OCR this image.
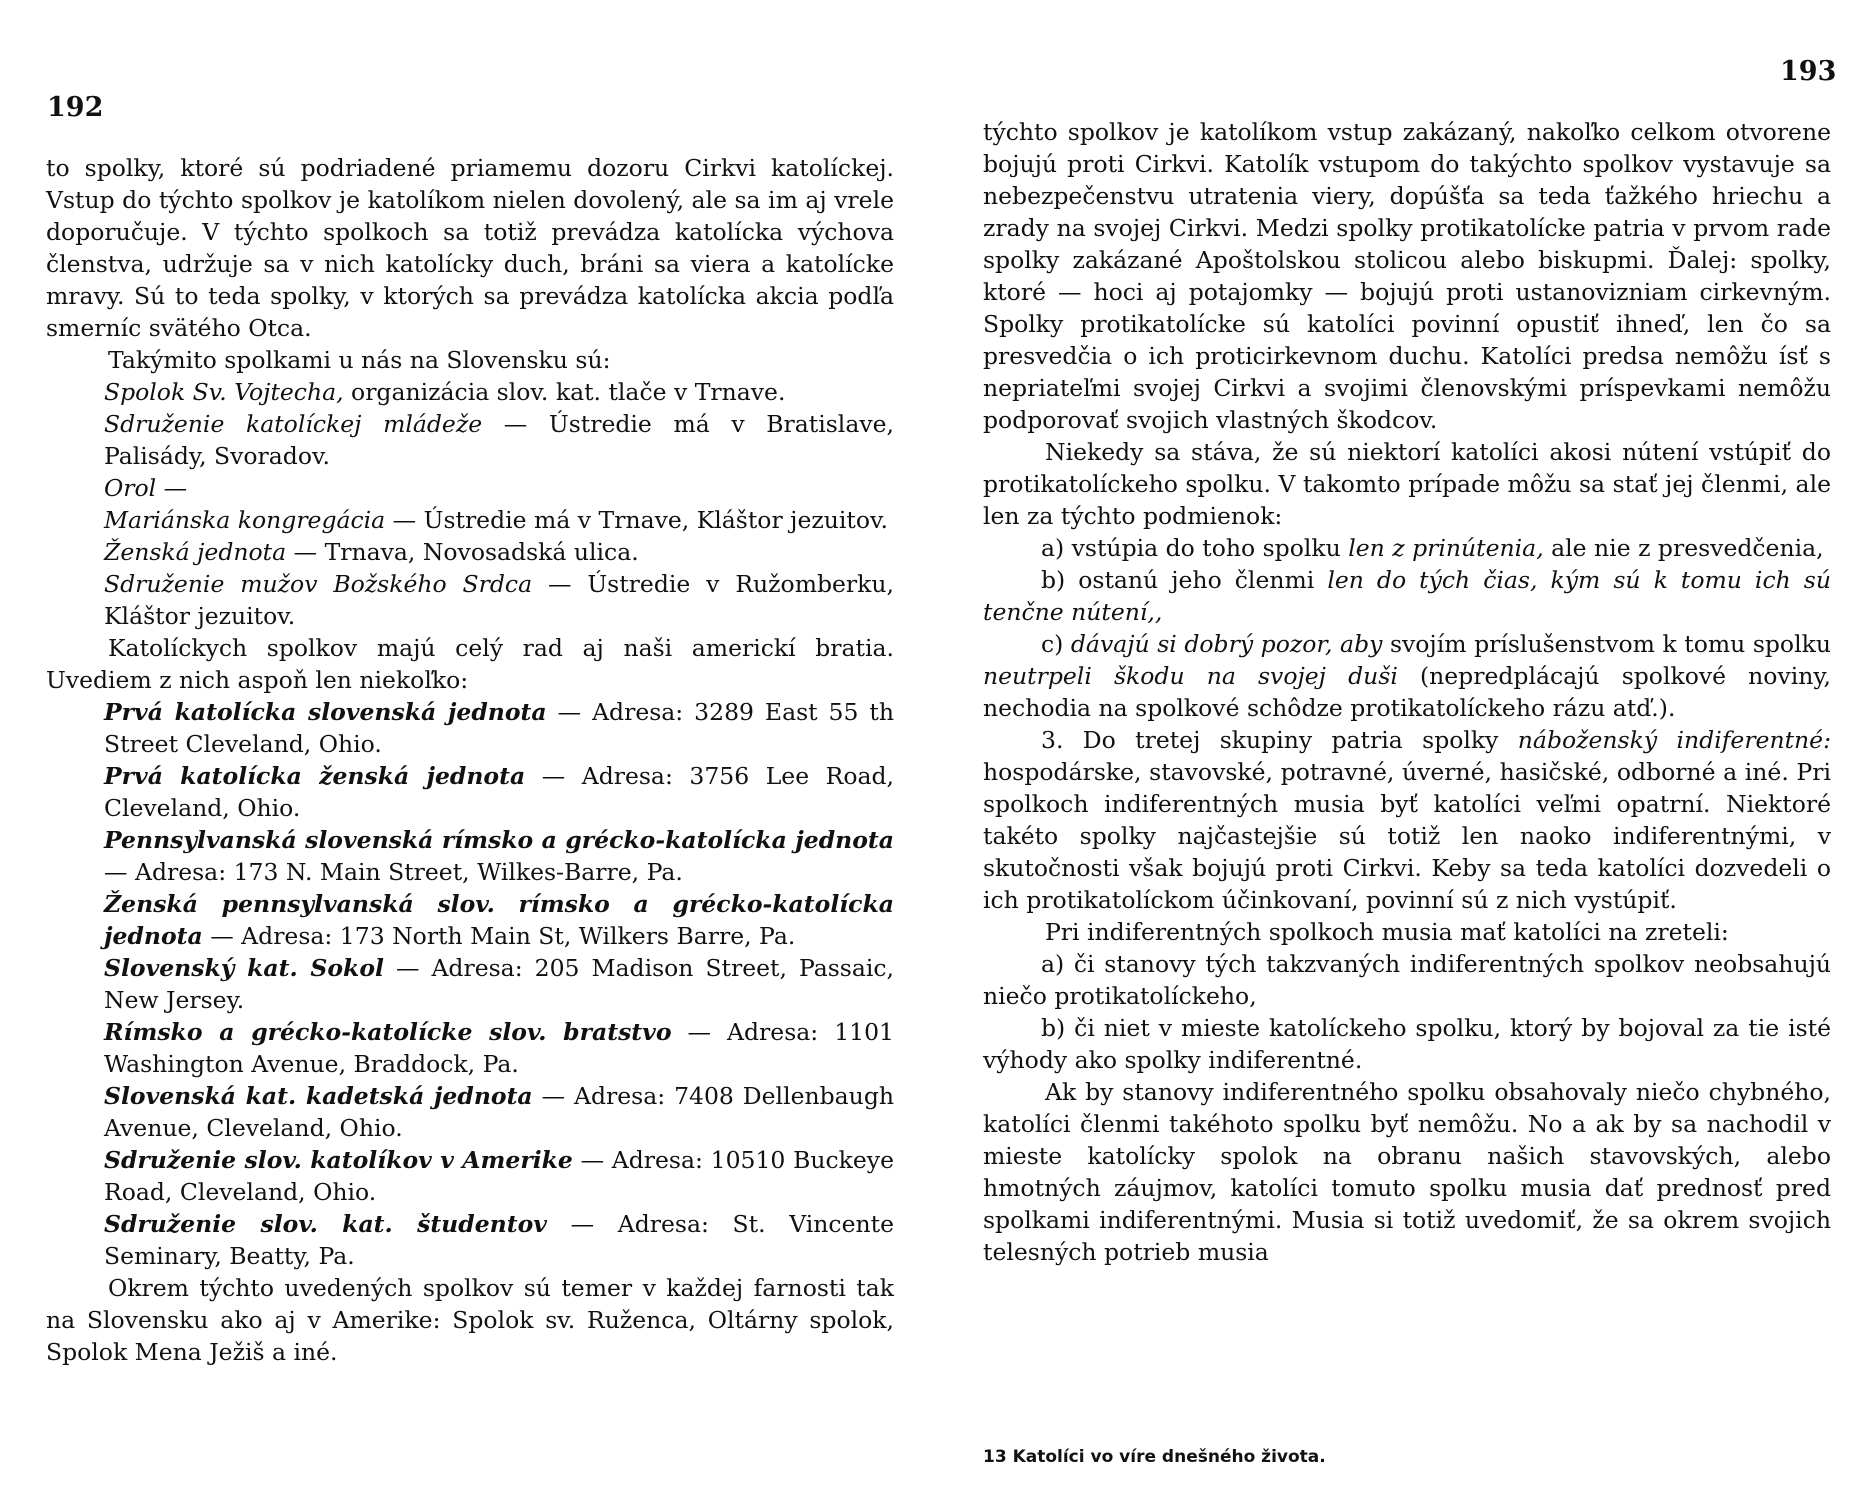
192

to spolky, ktoré sú podriadené priamemu dozoru Cirkvi katolíckej. Vstup do týchto spolkov je katolíkom nielen dovolený, ale sa im aj vrele doporučuje. V týchto spolkoch sa totiž prevádza katolícka výchova členstva, udržuje sa v nich katolícky duch, bráni sa viera a katolícke mravy. Sú to teda spolky, v ktorých sa prevádza katolícka akcia podľa smerníc svätého Otca.

Takýmito spolkami u nás na Slovensku sú:

Spolok Sv. Vojtecha, organizácia slov. kat. tlače v Trnave.

Sdruženie katolíckej mládeže — Ústredie má v Bratislave, Palisády, Svoradov.

Orol —

Mariánska kongregácia — Ústredie má v Trnave, Kláštor jezuitov.

Ženská jednota — Trnava, Novosadská ulica.

Sdruženie mužov Božského Srdca — Ústredie v Ružomberku, Kláštor jezuitov.

Katolíckych spolkov majú celý rad aj naši americkí bratia. Uvediem z nich aspoň len niekoľko:

Prvá katolícka slovenská jednota — Adresa: 3289 East 55 th Street Cleveland, Ohio.

Prvá katolícka ženská jednota — Adresa: 3756 Lee Road, Cleveland, Ohio.

Pennsylvanská slovenská rímsko a grécko-katolícka jednota — Adresa: 173 N. Main Street, Wilkes-Barre, Pa.

Ženská pennsylvanská slov. rímsko a grécko-katolícka jednota — Adresa: 173 North Main St, Wilkers Barre, Pa.

Slovenský kat. Sokol — Adresa: 205 Madison Street, Passaic, New Jersey.

Rímsko a grécko-katolícke slov. bratstvo — Adresa: 1101 Washington Avenue, Braddock, Pa.

Slovenská kat. kadetská jednota — Adresa: 7408 Dellenbaugh Avenue, Cleveland, Ohio.

Sdruženie slov. katolíkov v Amerike — Adresa: 10510 Buckeye Road, Cleveland, Ohio.

Sdruženie slov. kat. študentov — Adresa: St. Vincente Seminary, Beatty, Pa.

Okrem týchto uvedených spolkov sú temer v každej farnosti tak na Slovensku ako aj v Amerike: Spolok sv. Ruženca, Oltárny spolok, Spolok Mena Ježiš a iné.

193

týchto spolkov je katolíkom vstup zakázaný, nakoľko celkom otvorene bojujú proti Cirkvi. Katolík vstupom do takýchto spolkov vystavuje sa nebezpečenstvu utratenia viery, dopúšťa sa teda ťažkého hriechu a zrady na svojej Cirkvi. Medzi spolky protikatolícke patria v prvom rade spolky zakázané Apoštolskou stolicou alebo biskupmi. Ďalej: spolky, ktoré — hoci aj potajomky — bojujú proti ustanovizniam cirkevným. Spolky protikatolícke sú katolíci povinní opustiť ihneď, len čo sa presvedčia o ich proticirkevnom duchu. Katolíci predsa nemôžu ísť s nepriateľmi svojej Cirkvi a svojimi členovskými príspevkami nemôžu podporovať svojich vlastných škodcov.

Niekedy sa stáva, že sú niektorí katolíci akosi nútení vstúpiť do protikatolíckeho spolku. V takomto prípade môžu sa stať jej členmi, ale len za týchto podmienok:

a) vstúpia do toho spolku len z prinútenia, ale nie z presvedčenia,

b) ostanú jeho členmi len do tých čias, kým sú k tomu ich sú tenčne nútení,,

c) dávajú si dobrý pozor, aby svojím príslušenstvom k tomu spolku neutrpeli škodu na svojej duši (nepredplácajú spolkové noviny, nechodia na spolkové schôdze protikatolíckeho rázu atď.).

3. Do tretej skupiny patria spolky náboženský indiferentné: hospodárske, stavovské, potravné, úverné, hasičské, odborné a iné. Pri spolkoch indiferentných musia byť katolíci veľmi opatrní. Niektoré takéto spolky najčastejšie sú totiž len naoko indiferentnými, v skutočnosti však bojujú proti Cirkvi. Keby sa teda katolíci dozvedeli o ich protikatolíckom účinkovaní, povinní sú z nich vystúpiť.

Pri indiferentných spolkoch musia mať katolíci na zreteli:

a) či stanovy tých takzvaných indiferentných spolkov neobsahujú niečo protikatolíckeho,

b) či niet v mieste katolíckeho spolku, ktorý by bojoval za tie isté výhody ako spolky indiferentné.

Ak by stanovy indiferentného spolku obsahovaly niečo chybného, katolíci členmi takéhoto spolku byť nemôžu. No a ak by sa nachodil v mieste katolícky spolok na obranu našich stavovských, alebo hmotných záujmov, katolíci tomuto spolku musia dať prednosť pred spolkami indiferentnými. Musia si totiž uvedomiť, že sa okrem svojich telesných potrieb musia

13 Katolíci vo víre dnešného života.
